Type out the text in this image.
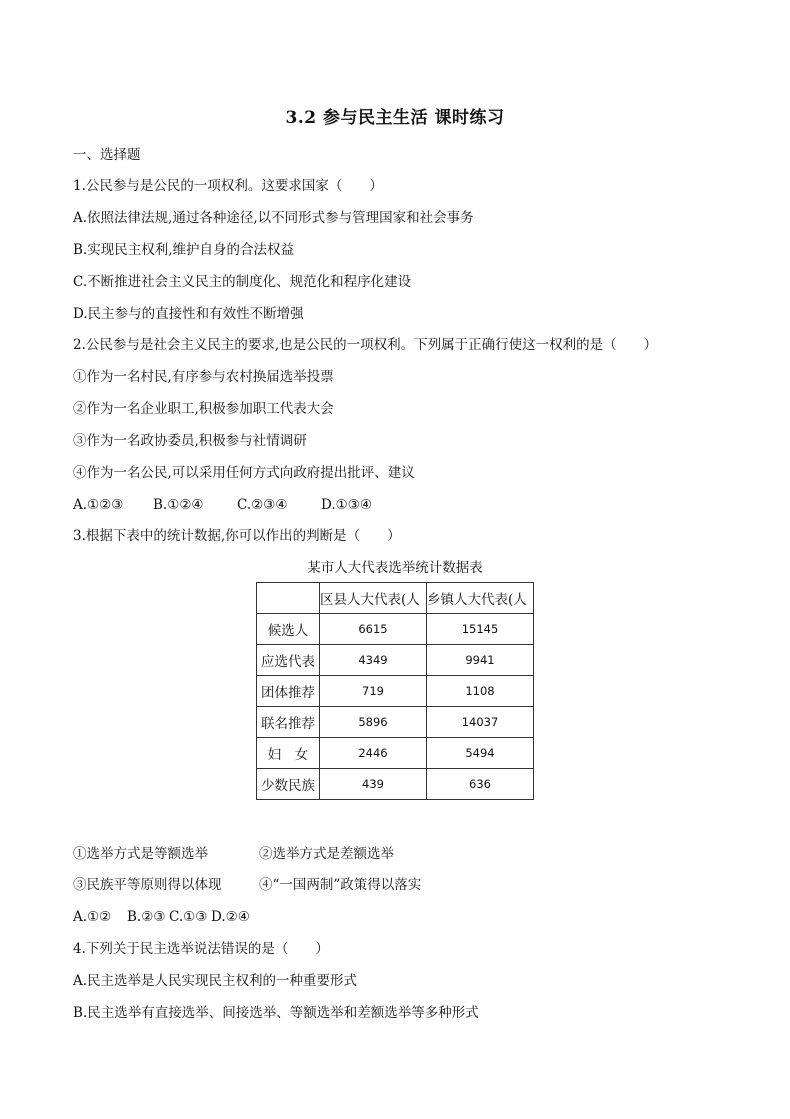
3.2 参与民主生活 课时练习
一、选择题
1.公民参与是公民的一项权利。这要求国家（　　）
A.依照法律法规,通过各种途径,以不同形式参与管理国家和社会事务
B.实现民主权利,维护自身的合法权益
C.不断推进社会主义民主的制度化、规范化和程序化建设
D.民主参与的直接性和有效性不断增强
2.公民参与是社会主义民主的要求,也是公民的一项权利。下列属于正确行使这一权利的是（　　）
①作为一名村民,有序参与农村换届选举投票
②作为一名企业职工,积极参加职工代表大会
③作为一名政协委员,积极参与社情调研
④作为一名公民,可以采用任何方式向政府提出批评、建议
A.①②③ B.①②④ C.②③④ D.①③④
3.根据下表中的统计数据,你可以作出的判断是（　　）
某市人大代表选举统计数据表
	区县人大代表(人	乡镇人大代表(人
候选人	6615	15145
应选代表	4349	9941
团体推荐	719	1108
联名推荐	5896	14037
妇　女	2446	5494
少数民族	439	636
①选举方式是等额选举	②选举方式是差额选举
③民族平等原则得以体现	④“一国两制”政策得以落实
A.①② B.②③ C.①③ D.②④
4.下列关于民主选举说法错误的是（　　）
A.民主选举是人民实现民主权利的一种重要形式
B.民主选举有直接选举、间接选举、等额选举和差额选举等多种形式
